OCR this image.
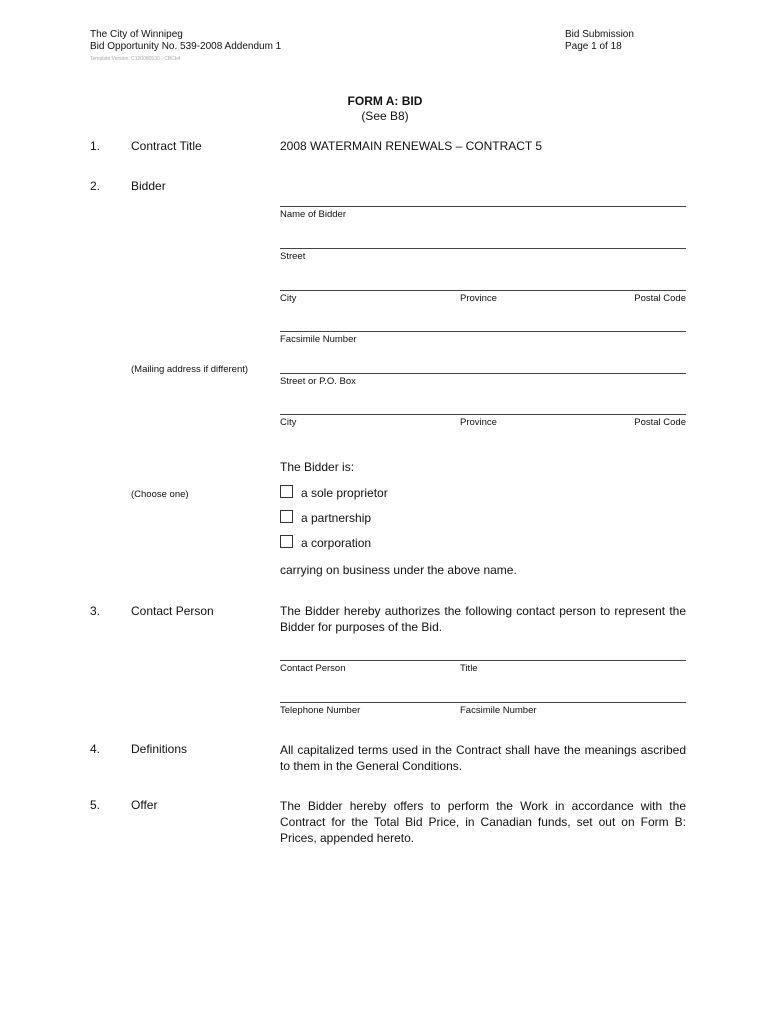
The City of Winnipeg
Bid Opportunity No. 539-2008 Addendum 1
Template Version: C120080530 - CBCb4
Bid Submission
Page 1 of 18
FORM A: BID
(See B8)
1.	Contract Title	2008 WATERMAIN RENEWALS – CONTRACT 5
2.	Bidder
Name of Bidder
Street
City	Province	Postal Code
Facsimile Number
(Mailing address if different)
Street or P.O. Box
City	Province	Postal Code
The Bidder is:
(Choose one)	a sole proprietor
a partnership
a corporation
carrying on business under the above name.
3.	Contact Person	The Bidder hereby authorizes the following contact person to represent the Bidder for purposes of the Bid.
Contact Person	Title
Telephone Number	Facsimile Number
4.	Definitions	All capitalized terms used in the Contract shall have the meanings ascribed to them in the General Conditions.
5.	Offer	The Bidder hereby offers to perform the Work in accordance with the Contract for the Total Bid Price, in Canadian funds, set out on Form B: Prices, appended hereto.
